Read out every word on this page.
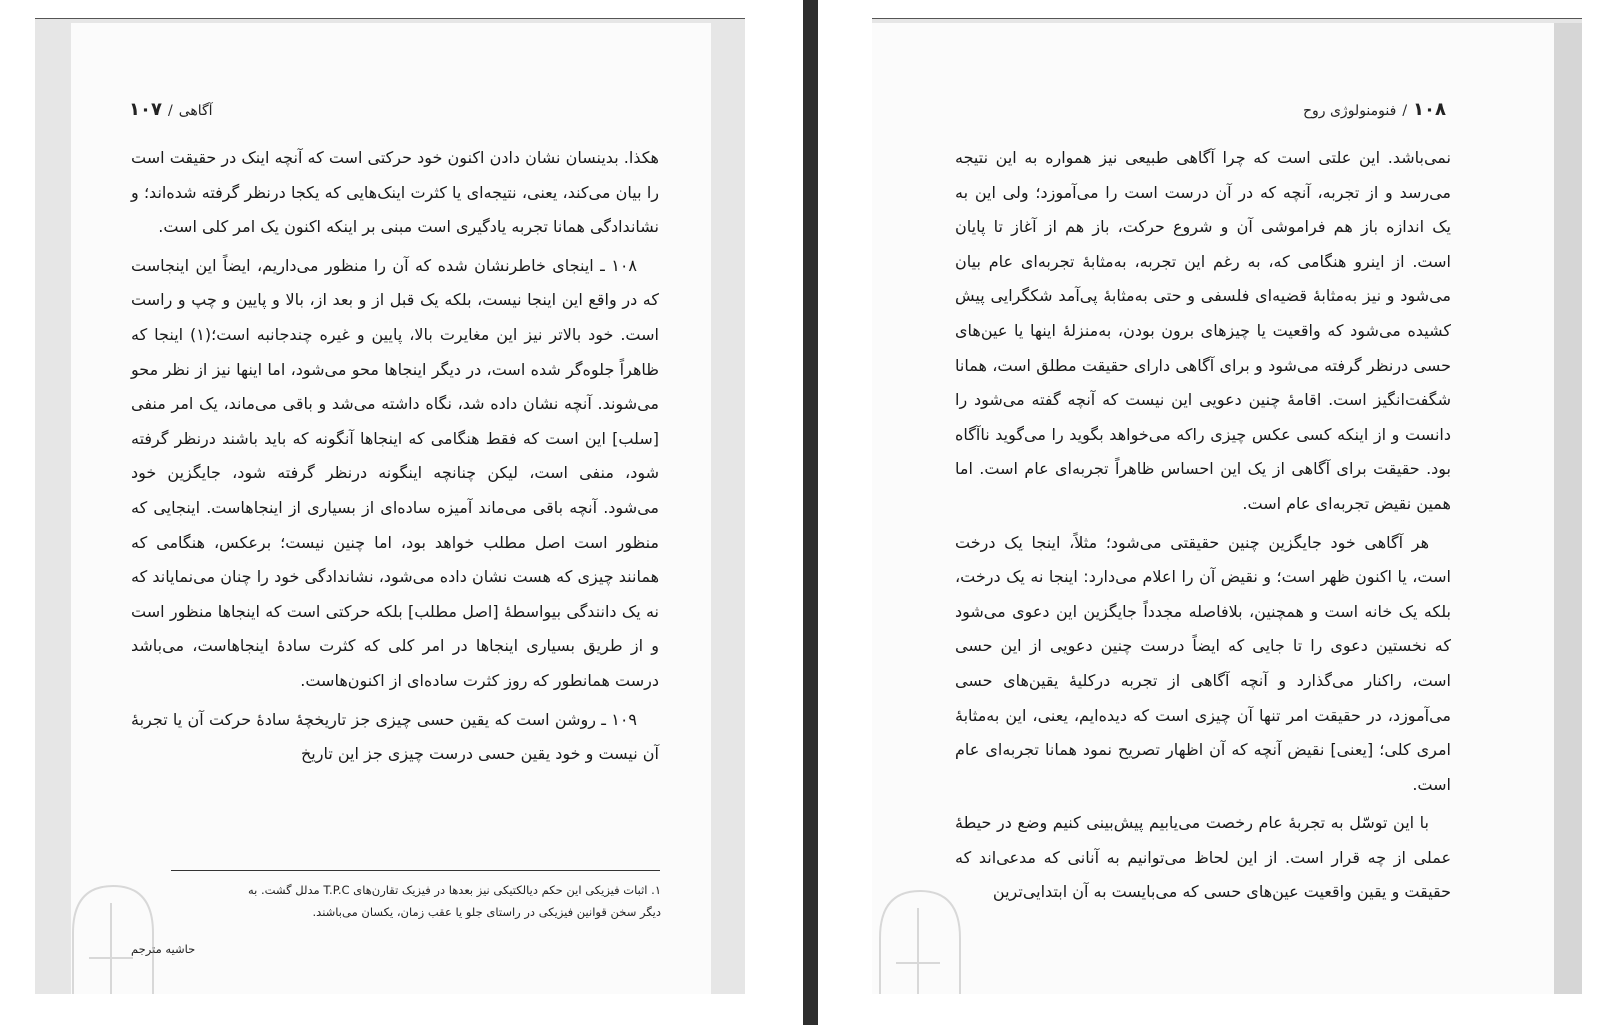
آگاهی/۱۰۷

هکذا. بدینسان نشان دادن اکنون خود حرکتی است که آنچه اینک در حقیقت است را بیان می‌کند، یعنی، نتیجه‌ای یا کثرت اینک‌هایی که یکجا درنظر گرفته شده‌اند؛ و نشاندادگی همانا تجربه یادگیری است مبنی بر اینکه اکنون یک امر کلی است.

۱۰۸ ـ اینجای خاطرنشان شده که آن را منظور می‌داریم، ایضاً این اینجاست که در واقع این اینجا نیست، بلکه یک قبل از و بعد از، بالا و پایین و چپ و راست است. خود بالاتر نیز این مغایرت بالا، پایین و غیره چندجانبه است؛(۱) اینجا که ظاهراً جلوه‌گر شده است، در دیگر اینجاها محو می‌شود، اما اینها نیز از نظر محو می‌شوند. آنچه نشان داده شد، نگاه داشته می‌شد و باقی می‌ماند، یک امر منفی [سلب] این است که فقط هنگامی که اینجاها آنگونه که باید باشند درنظر گرفته شود، منفی است، لیکن چنانچه اینگونه درنظر گرفته شود، جایگزین خود می‌شود. آنچه باقی می‌ماند آمیزه ساده‌ای از بسیاری از اینجاهاست. اینجایی که منظور است اصل مطلب خواهد بود، اما چنین نیست؛ برعکس، هنگامی که همانند چیزی که هست نشان داده می‌شود، نشاندادگی خود را چنان می‌نمایاند که نه یک دانندگی بیواسطهٔ [اصل مطلب] بلکه حرکتی است که اینجاها منظور است و از طریق بسیاری اینجاها در امر کلی که کثرت سادهٔ اینجاهاست، می‌باشد درست همانطور که روز کثرت ساده‌ای از اکنون‌هاست.

۱۰۹ ـ روشن است که یقین حسی چیزی جز تاریخچهٔ سادهٔ حرکت آن یا تجربهٔ آن نیست و خود یقین حسی درست چیزی جز این تاریخ

۱. اثبات فیزیکی این حکم دیالکتیکی نیز بعدها در فیزیک تقارن‌های T.P.C مدلل گشت. به
دیگر سخن قوانین فیزیکی در راستای جلو یا عقب زمان، یکسان می‌باشند.
حاشیه مترجم
۱۰۸/فنومنولوژی روح

نمی‌باشد. این علتی است که چرا آگاهی طبیعی نیز همواره به این نتیجه می‌رسد و از تجربه، آنچه که در آن درست است را می‌آموزد؛ ولی این به یک اندازه باز هم فراموشی آن و شروع حرکت، باز هم از آغاز تا پایان است. از اینرو هنگامی که، به رغم این تجربه، به‌مثابهٔ تجربه‌ای عام بیان می‌شود و نیز به‌مثابهٔ قضیه‌ای فلسفی و حتی به‌مثابهٔ پی‌آمد شکگرایی پیش کشیده می‌شود که واقعیت یا چیزهای برون بودن، به‌منزلهٔ اینها یا عین‌های حسی درنظر گرفته می‌شود و برای آگاهی دارای حقیقت مطلق است، همانا شگفت‌انگیز است. اقامهٔ چنین دعویی این نیست که آنچه گفته می‌شود را دانست و از اینکه کسی عکس چیزی راکه می‌خواهد بگوید را می‌گوید ناآگاه بود. حقیقت برای آگاهی از یک این احساس ظاهراً تجربه‌ای عام است. اما همین نقیض تجربه‌ای عام است.

هر آگاهی خود جایگزین چنین حقیقتی می‌شود؛ مثلاً، اینجا یک درخت است، یا اکنون ظهر است؛ و نقیض آن را اعلام می‌دارد: اینجا نه یک درخت، بلکه یک خانه است و همچنین، بلافاصله مجدداً جایگزین این دعوی می‌شود که نخستین دعوی را تا جایی که ایضاً درست چنین دعویی از این حسی است، راکنار می‌گذارد و آنچه آگاهی از تجربه درکلیهٔ یقین‌های حسی می‌آموزد، در حقیقت امر تنها آن چیزی است که دیده‌ایم، یعنی، این به‌مثابهٔ امری کلی؛ [یعنی] نقیض آنچه که آن اظهار تصریح نمود همانا تجربه‌ای عام است.

با این توسّل به تجربهٔ عام رخصت می‌یابیم پیش‌بینی کنیم وضع در حیطهٔ عملی از چه قرار است. از این لحاظ می‌توانیم به آنانی که مدعی‌اند که حقیقت و یقین واقعیت عین‌های حسی که می‌بایست به آن ابتدایی‌ترین
